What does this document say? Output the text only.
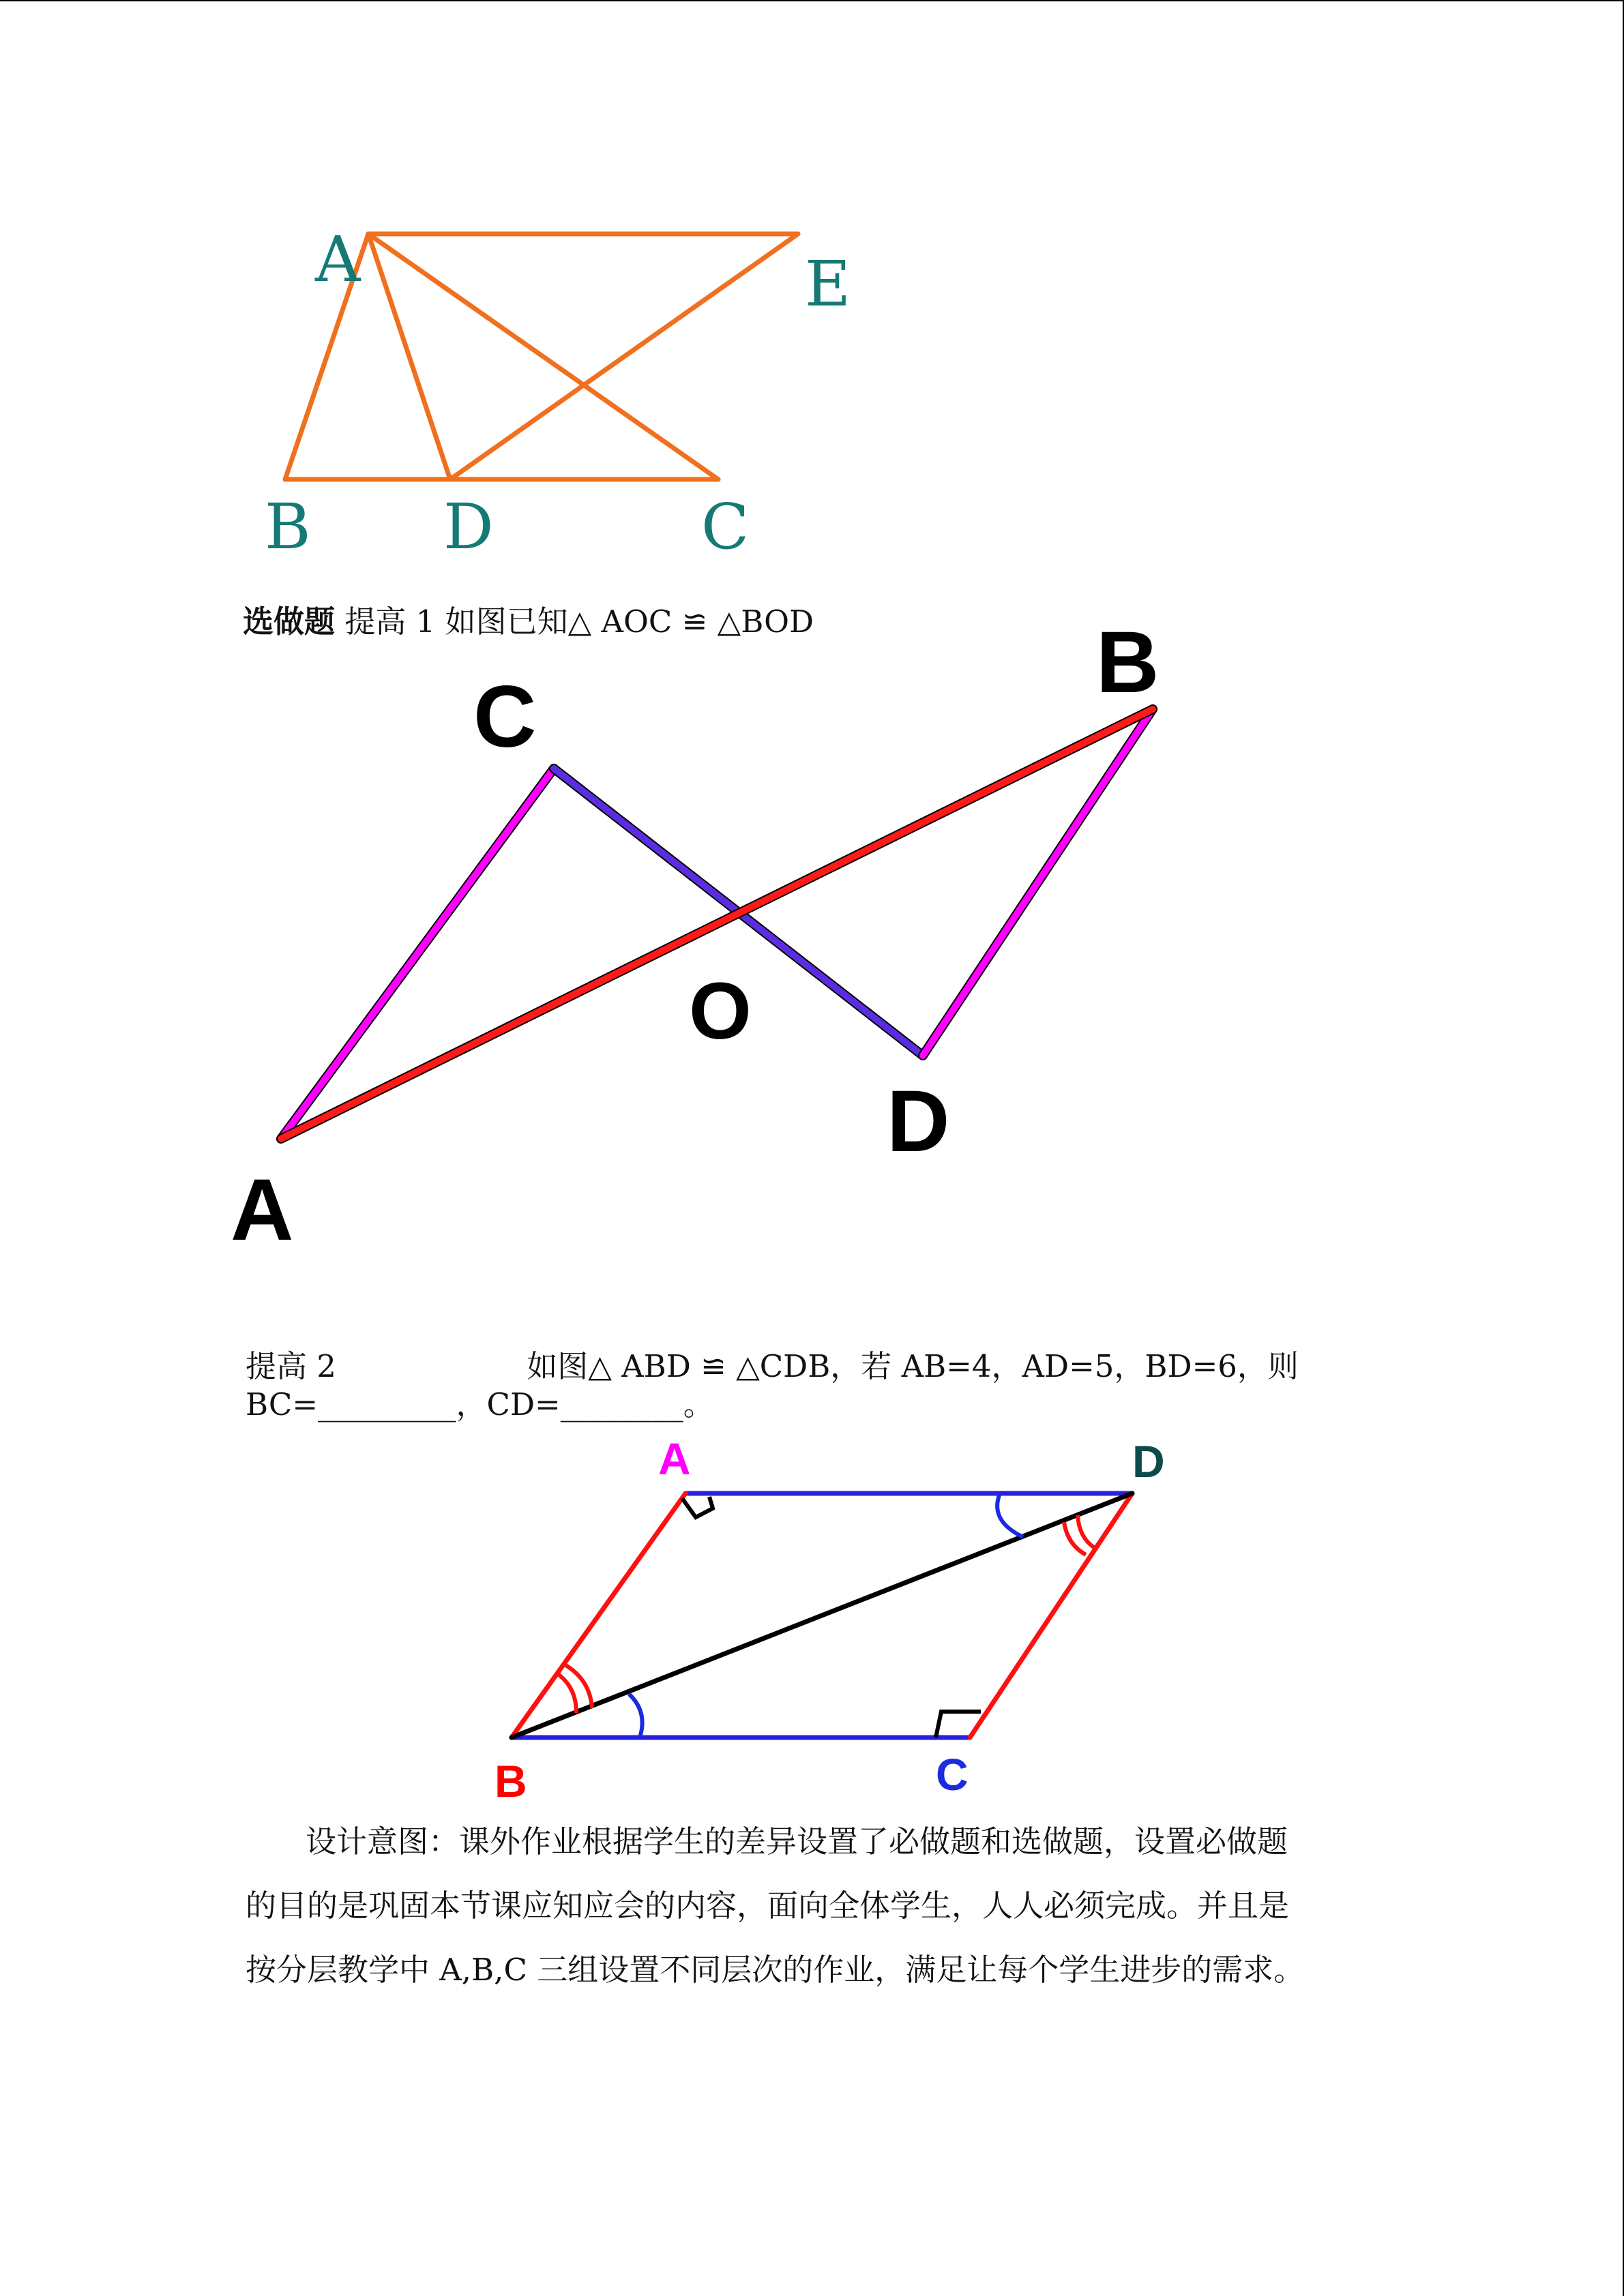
A	E
B D	C
选做题 提高 1 如图已知△ AOC ≌ △BOD
C
B
O
D
A
提高 2	如图△ ABD ≌ △CDB，若 AB=4，AD=5，BD=6，则
BC=_________，CD=________。
A	D
B	C
设计意图：课外作业根据学生的差异设置了必做题和选做题，设置必做题
的目的是巩固本节课应知应会的内容，面向全体学生，人人必须完成。并且是
按分层教学中 A,B,C 三组设置不同层次的作业，满足让每个学生进步的需求。
